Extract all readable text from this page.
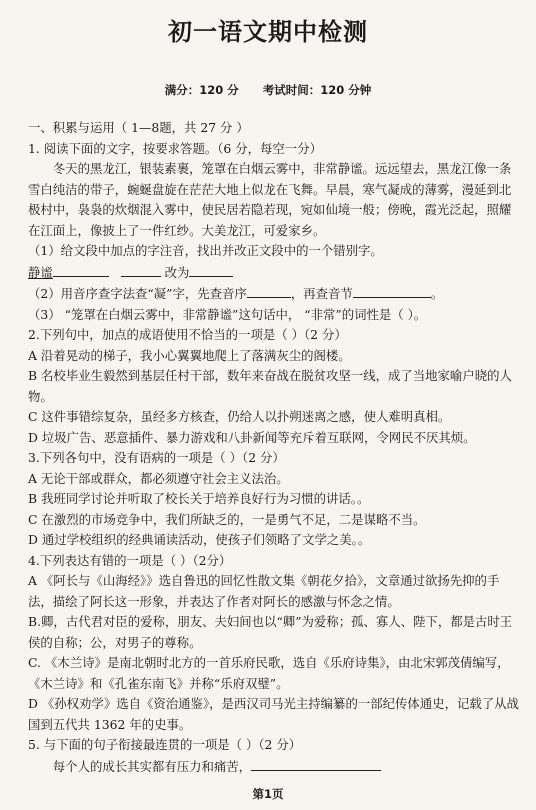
初一语文期中检测
满分：120 分 考试时间：120 分钟

一、积累与运用（ 1—8题，共 27 分 ）

1. 阅读下面的文字，按要求答题。（6 分，每空一分）

冬天的黑龙江，银装素裹，笼罩在白烟云雾中，非常静谧。远远望去，黑龙江像一条雪白纯洁的带子，蜿蜒盘旋在茫茫大地上似龙在飞舞。早晨，寒气凝成的薄雾，漫延到北极村中，袅袅的炊烟混入雾中，使民居若隐若现，宛如仙境一般；傍晚，霞光泛起，照耀在江面上，像披上了一件红纱。大美龙江，可爱家乡。

（1）给文段中加点的字注音，找出并改正文段中的一个错别字。

静谧	改为

（2）用音序查字法查“凝”字，先查音序	，再查音节	。

（3） “笼罩在白烟云雾中，非常静谧”这句话中， “非常”的词性是（ ）。

2.下列句中，加点的成语使用不恰当的一项是（ ）（2 分）

A 沿着晃动的梯子，我小心翼翼地爬上了落满灰尘的阁楼。

B 名校毕业生毅然到基层任村干部，数年来奋战在脱贫攻坚一线，成了当地家喻户晓的人物。

C 这件事错综复杂，虽经多方核查，仍给人以扑朔迷离之感，使人难明真相。

D 垃圾广告、恶意插件、暴力游戏和八卦新闻等充斥着互联网，令网民不厌其烦。

3.下列各句中，没有语病的一项是（ ）（2 分）

A 无论干部或群众，都必须遵守社会主义法治。

B 我班同学讨论并听取了校长关于培养良好行为习惯的讲话。。

C 在激烈的市场竞争中，我们所缺乏的，一是勇气不足，二是谋略不当。

D 通过学校组织的经典诵读活动，使孩子们领略了文学之美。。

4.下列表达有错的一项是（ ）（2分）

A 《阿长与《山海经》》选自鲁迅的回忆性散文集《朝花夕拾》，文章通过欲扬先抑的手法，描绘了阿长这一形象，并表达了作者对阿长的感激与怀念之情。

B.卿，古代君对臣的爱称，朋友、夫妇间也以“卿”为爱称；孤、寡人、陛下，都是古时王侯的自称；公，对男子的尊称。

C. 《木兰诗》是南北朝时北方的一首乐府民歌，选自《乐府诗集》，由北宋郭茂倩编写，《木兰诗》和《孔雀东南飞》并称“乐府双璧”。

D 《孙权劝学》选自《资治通鉴》，是西汉司马光主持编纂的一部纪传体通史，记载了从战国到五代共 1362 年的史事。

5. 与下面的句子衔接最连贯的一项是（ ）（2 分）

每个人的成长其实都有压力和痛苦，

第1页
